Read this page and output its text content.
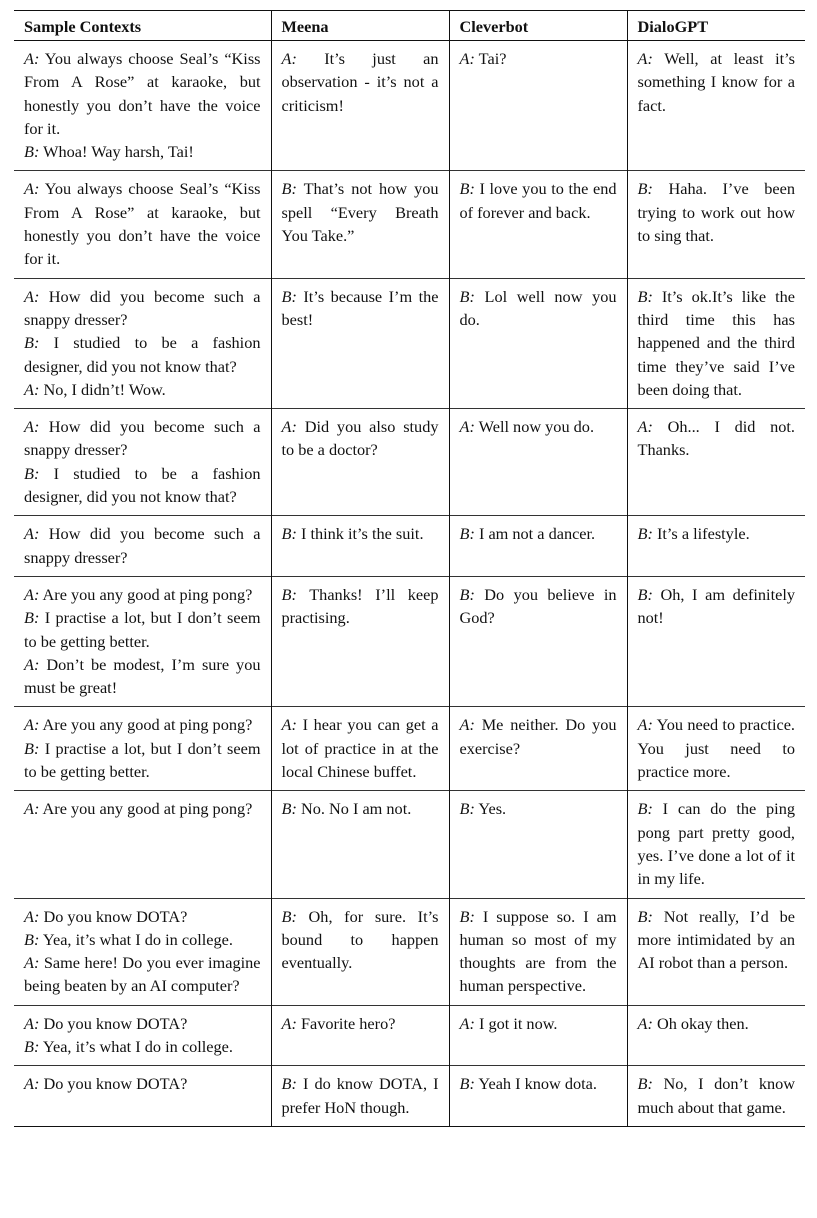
Sample Contexts	Meena	Cleverbot	DialoGPT

A: You always choose Seal’s “Kiss From A Rose” at karaoke, but honestly you don’t have the voice for it.
B: Whoa! Way harsh, Tai!	A: It’s just an observation - it’s not a criticism!	A: Tai?	A: Well, at least it’s something I know for a fact.

A: You always choose Seal’s “Kiss From A Rose” at karaoke, but honestly you don’t have the voice for it.	B: That’s not how you spell “Every Breath You Take.”	B: I love you to the end of forever and back.	B: Haha. I’ve been trying to work out how to sing that.

A: How did you become such a snappy dresser?
B: I studied to be a fashion designer, did you not know that?
A: No, I didn’t! Wow.	B: It’s because I’m the best!	B: Lol well now you do.	B: It’s ok.It’s like the third time this has happened and the third time they’ve said I’ve been doing that.

A: How did you become such a snappy dresser?
B: I studied to be a fashion designer, did you not know that?	A: Did you also study to be a doctor?	A: Well now you do.	A: Oh... I did not. Thanks.

A: How did you become such a snappy dresser?	B: I think it’s the suit.	B: I am not a dancer.	B: It’s a lifestyle.

A: Are you any good at ping pong?
B: I practise a lot, but I don’t seem to be getting better.
A: Don’t be modest, I’m sure you must be great!	B: Thanks! I’ll keep practising.	B: Do you believe in God?	B: Oh, I am definitely not!

A: Are you any good at ping pong?
B: I practise a lot, but I don’t seem to be getting better.	A: I hear you can get a lot of practice in at the local Chinese buffet.	A: Me neither. Do you exercise?	A: You need to practice. You just need to practice more.

A: Are you any good at ping pong?	B: No. No I am not.	B: Yes.	B: I can do the ping pong part pretty good, yes. I’ve done a lot of it in my life.

A: Do you know DOTA?
B: Yea, it’s what I do in college.
A: Same here! Do you ever imagine being beaten by an AI computer?	B: Oh, for sure. It’s bound to happen eventually.	B: I suppose so. I am human so most of my thoughts are from the human perspective.	B: Not really, I’d be more intimidated by an AI robot than a person.

A: Do you know DOTA?
B: Yea, it’s what I do in college.	A: Favorite hero?	A: I got it now.	A: Oh okay then.

A: Do you know DOTA?	B: I do know DOTA, I prefer HoN though.	B: Yeah I know dota.	B: No, I don’t know much about that game.
